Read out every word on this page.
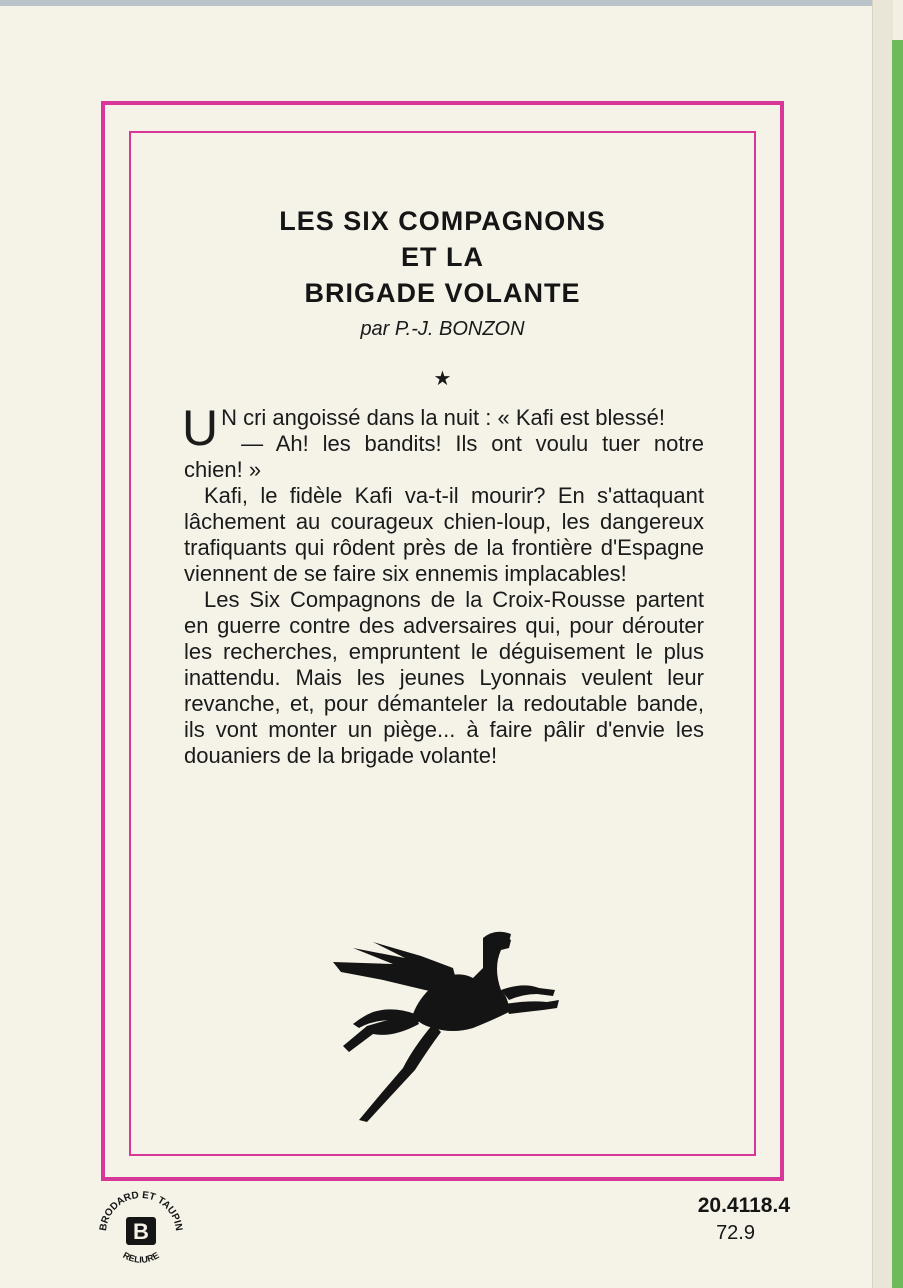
LES SIX COMPAGNONS
ET LA
BRIGADE VOLANTE
par P.-J. BONZON
★

U N cri angoissé dans la nuit : « Kafi est blessé!

— Ah! les bandits! Ils ont voulu tuer notre chien! »

Kafi, le fidèle Kafi va-t-il mourir? En s'attaquant lâchement au courageux chien-loup, les dangereux trafiquants qui rôdent près de la frontière d'Espagne viennent de se faire six ennemis implacables!

Les Six Compagnons de la Croix-Rousse partent en guerre contre des adversaires qui, pour dérouter les recherches, empruntent le déguisement le plus inattendu. Mais les jeunes Lyonnais veulent leur revanche, et, pour démanteler la redoutable bande, ils vont monter un piège... à faire pâlir d'envie les douaniers de la brigade volante!

BRODARD ET TAUPIN
B
RELIURE
20.4118.4
72.9
